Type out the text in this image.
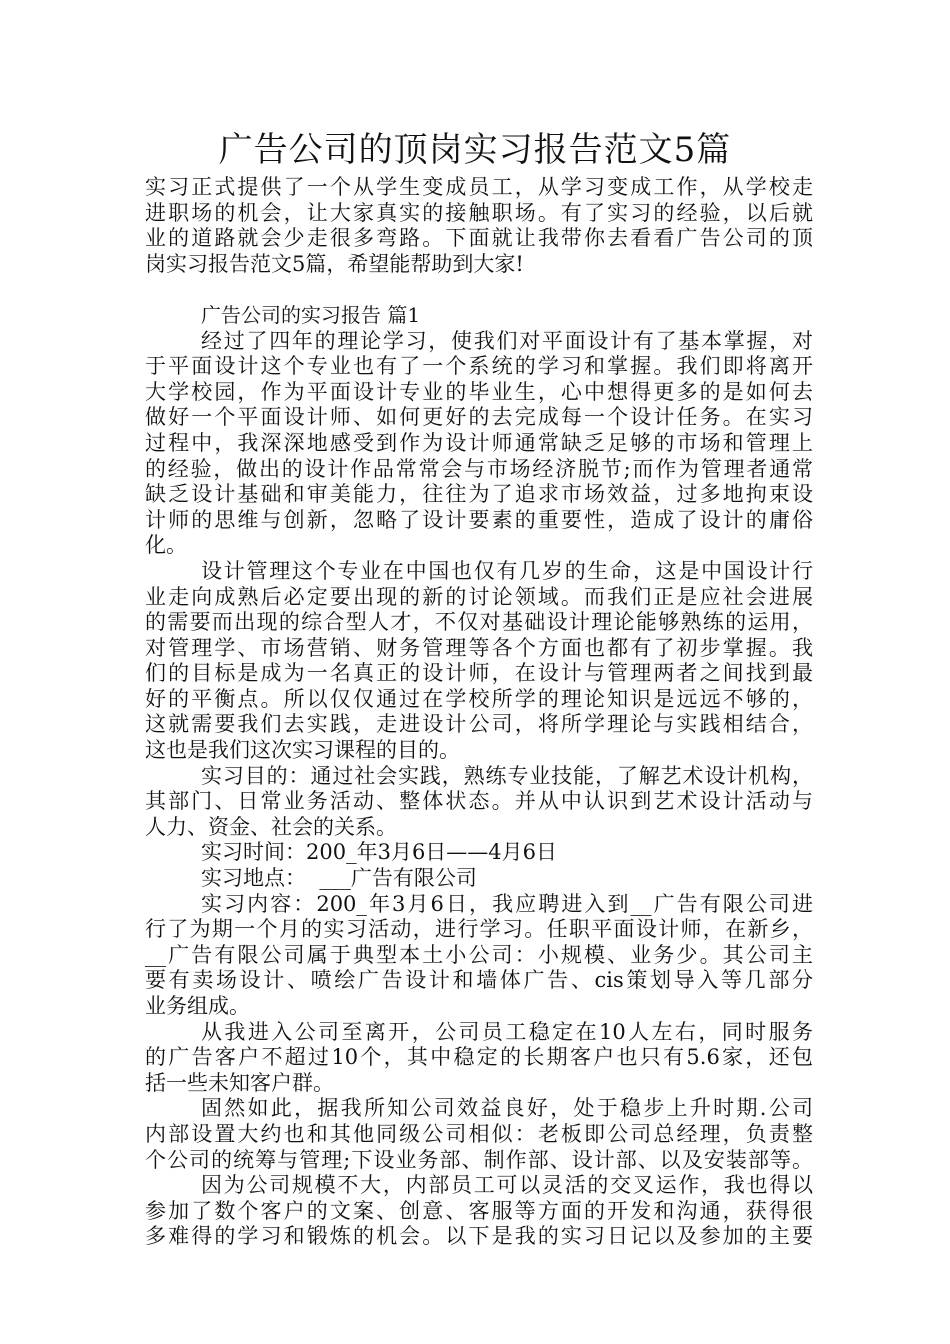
广告公司的顶岗实习报告范文5篇
实习正式提供了一个从学生变成员工，从学习变成工作，从学校走
进职场的机会，让大家真实的接触职场。有了实习的经验，以后就
业的道路就会少走很多弯路。下面就让我带你去看看广告公司的顶
岗实习报告范文5篇，希望能帮助到大家!
广告公司的实习报告 篇1
经过了四年的理论学习，使我们对平面设计有了基本掌握，对
于平面设计这个专业也有了一个系统的学习和掌握。我们即将离开
大学校园，作为平面设计专业的毕业生，心中想得更多的是如何去
做好一个平面设计师、如何更好的去完成每一个设计任务。在实习
过程中，我深深地感受到作为设计师通常缺乏足够的市场和管理上
的经验，做出的设计作品常常会与市场经济脱节;而作为管理者通常
缺乏设计基础和审美能力，往往为了追求市场效益，过多地拘束设
计师的思维与创新，忽略了设计要素的重要性，造成了设计的庸俗
化。
设计管理这个专业在中国也仅有几岁的生命，这是中国设计行
业走向成熟后必定要出现的新的讨论领域。而我们正是应社会进展
的需要而出现的综合型人才，不仅对基础设计理论能够熟练的运用，
对管理学、市场营销、财务管理等各个方面也都有了初步掌握。我
们的目标是成为一名真正的设计师，在设计与管理两者之间找到最
好的平衡点。所以仅仅通过在学校所学的理论知识是远远不够的，
这就需要我们去实践，走进设计公司，将所学理论与实践相结合，
这也是我们这次实习课程的目的。
实习目的：通过社会实践，熟练专业技能，了解艺术设计机构，
其部门、日常业务活动、整体状态。并从中认识到艺术设计活动与
人力、资金、社会的关系。
实习时间：200_年3月6日——4月6日
实习地点：  ___广告有限公司
实习内容：200_年3月6日，我应聘进入到__广告有限公司进
行了为期一个月的实习活动，进行学习。任职平面设计师，在新乡，
__广告有限公司属于典型本土小公司：小规模、业务少。其公司主
要有卖场设计、喷绘广告设计和墙体广告、cis策划导入等几部分
业务组成。
从我进入公司至离开，公司员工稳定在10人左右，同时服务
的广告客户不超过10个，其中稳定的长期客户也只有5.6家，还包
括一些未知客户群。
固然如此，据我所知公司效益良好，处于稳步上升时期.公司
内部设置大约也和其他同级公司相似：老板即公司总经理，负责整
个公司的统筹与管理;下设业务部、制作部、设计部、以及安装部等。
因为公司规模不大，内部员工可以灵活的交叉运作，我也得以
参加了数个客户的文案、创意、客服等方面的开发和沟通，获得很
多难得的学习和锻炼的机会。以下是我的实习日记以及参加的主要
